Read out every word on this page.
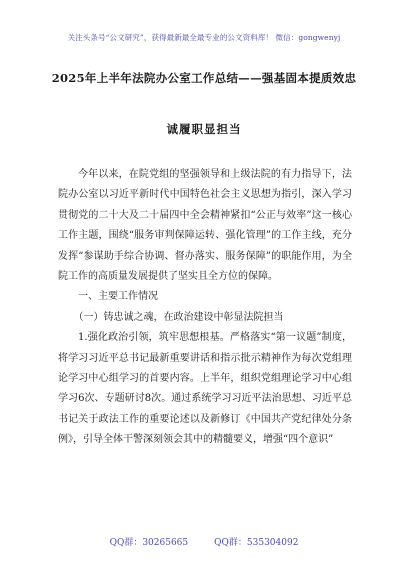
关注头条号“公文研究”，获得最新最全最专业的公文资料库！ 微信：gongwenyj
2025年上半年法院办公室工作总结——强基固本提质效忠
诚履职显担当

今年以来，在院党组的坚强领导和上级法院的有力指导下，法院办公室以习近平新时代中国特色社会主义思想为指引，深入学习贯彻党的二十大及二十届四中全会精神紧扣“公正与效率”这一核心工作主题，围绕“服务审判保障运转、强化管理”的工作主线，充分发挥“参谋助手综合协调、督办落实、服务保障”的职能作用，为全院工作的高质量发展提供了坚实且全方位的保障。

一、主要工作情况

（一）铸忠诚之魂，在政治建设中彰显法院担当

1.强化政治引领，筑牢思想根基。严格落实“第一议题”制度，将学习习近平总书记最新重要讲话和指示批示精神作为每次党组理论学习中心组学习的首要内容。上半年，组织党组理论学习中心组学习6次、专题研讨8次。通过系统学习习近平法治思想、习近平总书记关于政法工作的重要论述以及新修订《中国共产党纪律处分条例》，引导全体干警深刻领会其中的精髓要义，增强“四个意识”

QQ群：30265665	QQ群：535304092
